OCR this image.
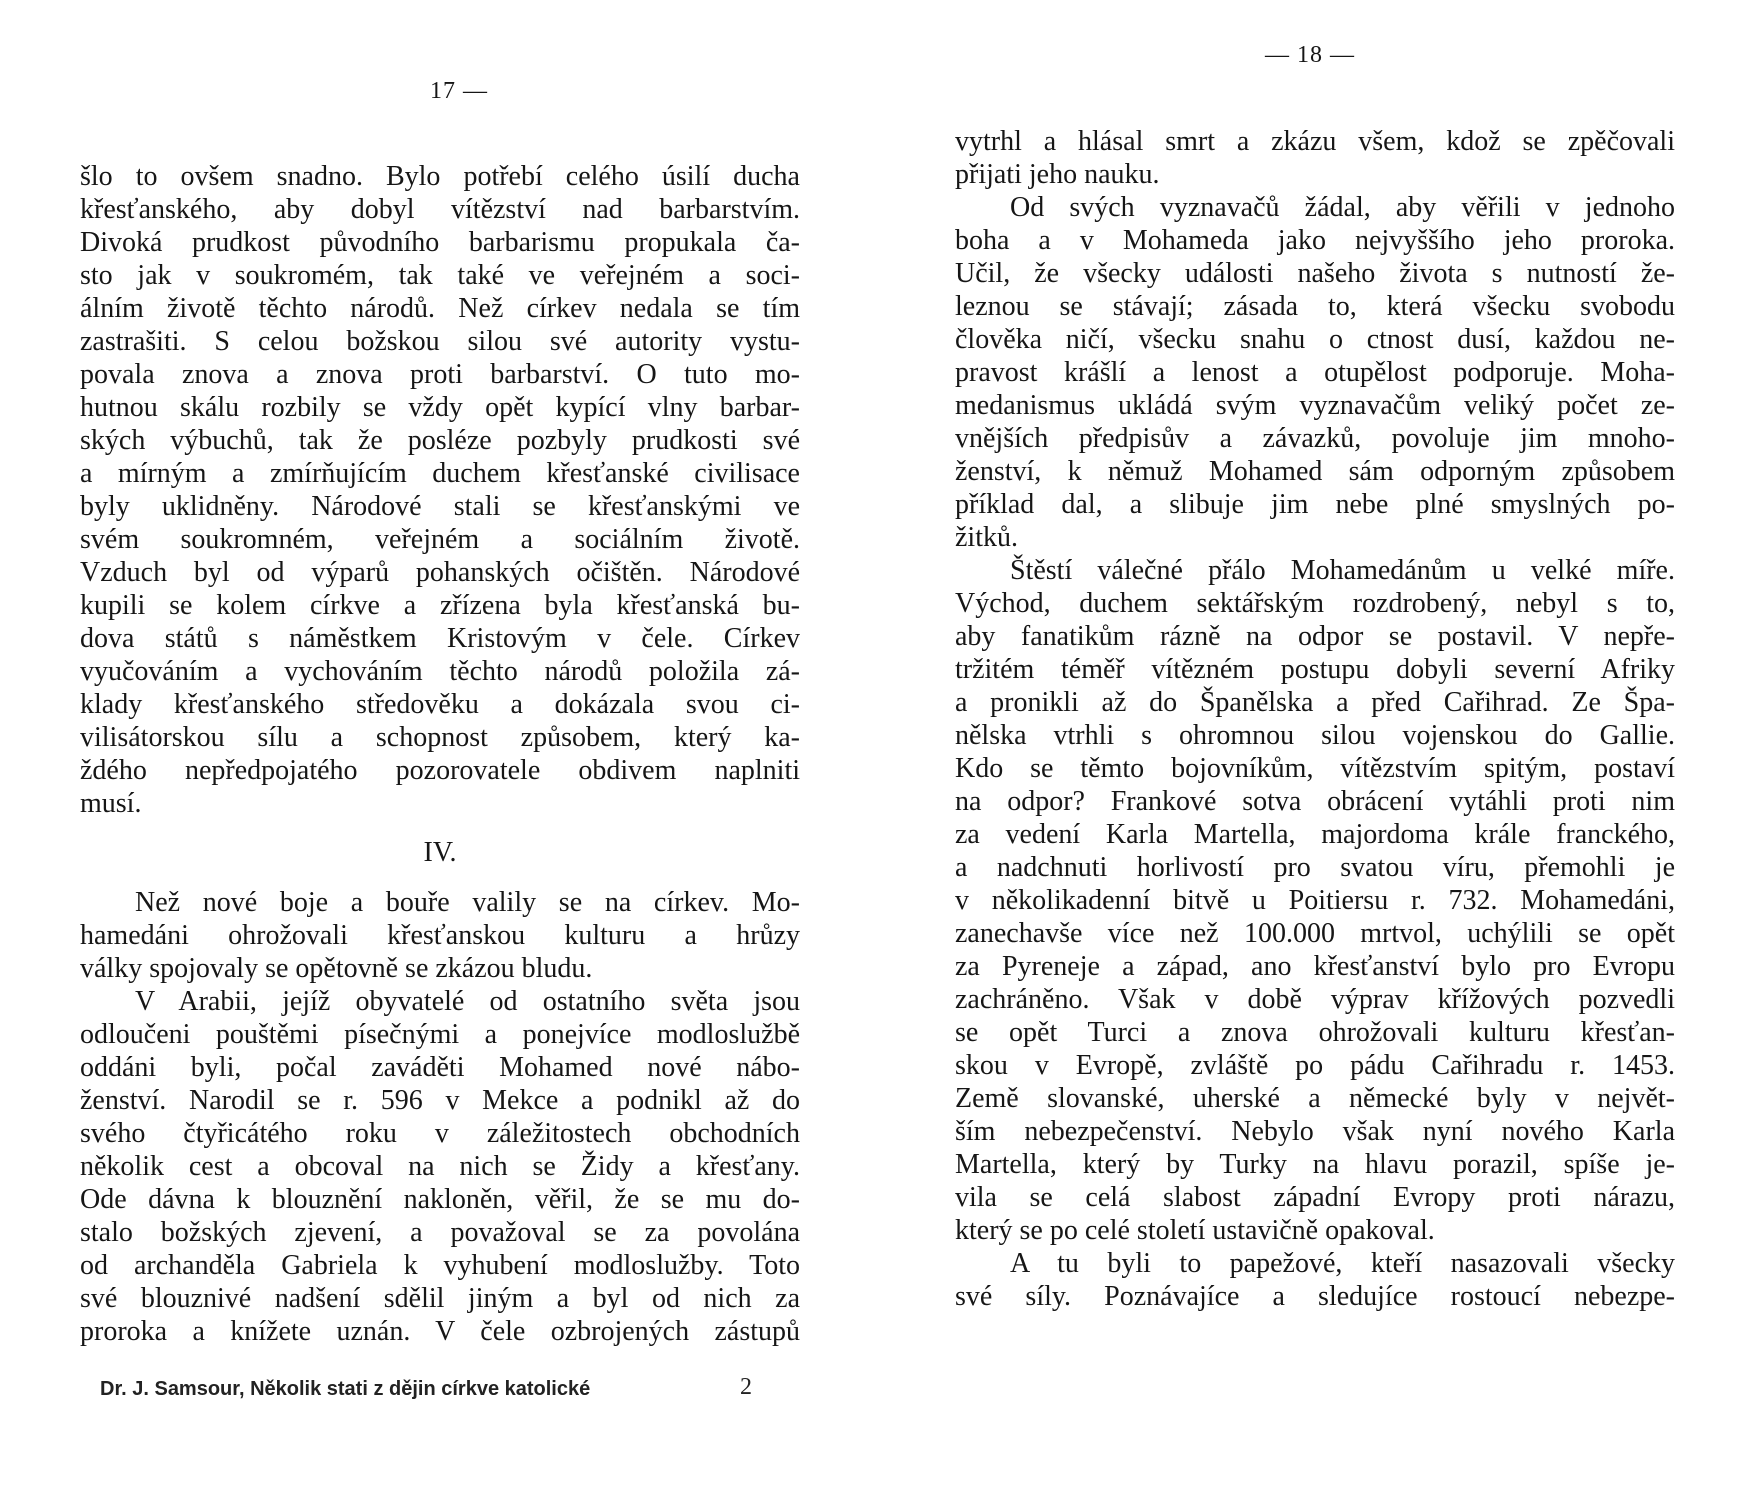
17 —
šlo to ovšem snadno. Bylo potřebí celého úsilí ducha
křesťanského, aby dobyl vítězství nad barbarstvím.
Divoká prudkost původního barbarismu propukala ča-
sto jak v soukromém, tak také ve veřejném a soci-
álním životě těchto národů. Než církev nedala se tím
zastrašiti. S celou božskou silou své autority vystu-
povala znova a znova proti barbarství. O tuto mo-
hutnou skálu rozbily se vždy opět kypící vlny barbar-
ských výbuchů, tak že posléze pozbyly prudkosti své
a mírným a zmírňujícím duchem křesťanské civilisace
byly uklidněny. Národové stali se křesťanskými ve
svém soukromném, veřejném a sociálním životě.
Vzduch byl od výparů pohanských očištěn. Národové
kupili se kolem církve a zřízena byla křesťanská bu-
dova států s náměstkem Kristovým v čele. Církev
vyučováním a vychováním těchto národů položila zá-
klady křesťanského středověku a dokázala svou ci-
vilisátorskou sílu a schopnost způsobem, který ka-
ždého nepředpojatého pozorovatele obdivem naplniti
musí.
IV.
Než nové boje a bouře valily se na církev. Mo-
hamedáni ohrožovali křesťanskou kulturu a hrůzy
války spojovaly se opětovně se zkázou bludu.
V Arabii, jejíž obyvatelé od ostatního světa jsou
odloučeni pouštěmi písečnými a ponejvíce modloslužbě
oddáni byli, počal zaváděti Mohamed nové nábo-
ženství. Narodil se r. 596 v Mekce a podnikl až do
svého čtyřicátého roku v záležitostech obchodních
několik cest a obcoval na nich se Židy a křesťany.
Ode dávna k blouznění nakloněn, věřil, že se mu do-
stalo božských zjevení, a považoval se za povolána
od archanděla Gabriela k vyhubení modloslužby. Toto
své blouznivé nadšení sdělil jiným a byl od nich za
proroka a knížete uznán. V čele ozbrojených zástupů
Dr. J. Samsour, Několik stati z dějin církve katolické	2
— 18 —
vytrhl a hlásal smrt a zkázu všem, kdož se zpěčovali
přijati jeho nauku.
Od svých vyznavačů žádal, aby věřili v jednoho
boha a v Mohameda jako nejvyššího jeho proroka.
Učil, že všecky události našeho života s nutností že-
leznou se stávají; zásada to, která všecku svobodu
člověka ničí, všecku snahu o ctnost dusí, každou ne-
pravost krášlí a lenost a otupělost podporuje. Moha-
medanismus ukládá svým vyznavačům veliký počet ze-
vnějších předpisův a závazků, povoluje jim mnoho-
ženství, k němuž Mohamed sám odporným způsobem
příklad dal, a slibuje jim nebe plné smyslných po-
žitků.
Štěstí válečné přálo Mohamedánům u velké míře.
Východ, duchem sektářským rozdrobený, nebyl s to,
aby fanatikům rázně na odpor se postavil. V nepře-
tržitém téměř vítězném postupu dobyli severní Afriky
a pronikli až do Španělska a před Cařihrad. Ze Špa-
nělska vtrhli s ohromnou silou vojenskou do Gallie.
Kdo se těmto bojovníkům, vítězstvím spitým, postaví
na odpor? Frankové sotva obrácení vytáhli proti nim
za vedení Karla Martella, majordoma krále franckého,
a nadchnuti horlivostí pro svatou víru, přemohli je
v několikadenní bitvě u Poitiersu r. 732. Mohamedáni,
zanechavše více než 100.000 mrtvol, uchýlili se opět
za Pyreneje a západ, ano křesťanství bylo pro Evropu
zachráněno. Však v době výprav křížových pozvedli
se opět Turci a znova ohrožovali kulturu křesťan-
skou v Evropě, zvláště po pádu Cařihradu r. 1453.
Země slovanské, uherské a německé byly v největ-
ším nebezpečenství. Nebylo však nyní nového Karla
Martella, který by Turky na hlavu porazil, spíše je-
vila se celá slabost západní Evropy proti nárazu,
který se po celé století ustavičně opakoval.
A tu byli to papežové, kteří nasazovali všecky
své síly. Poznávajíce a sledujíce rostoucí nebezpe-
